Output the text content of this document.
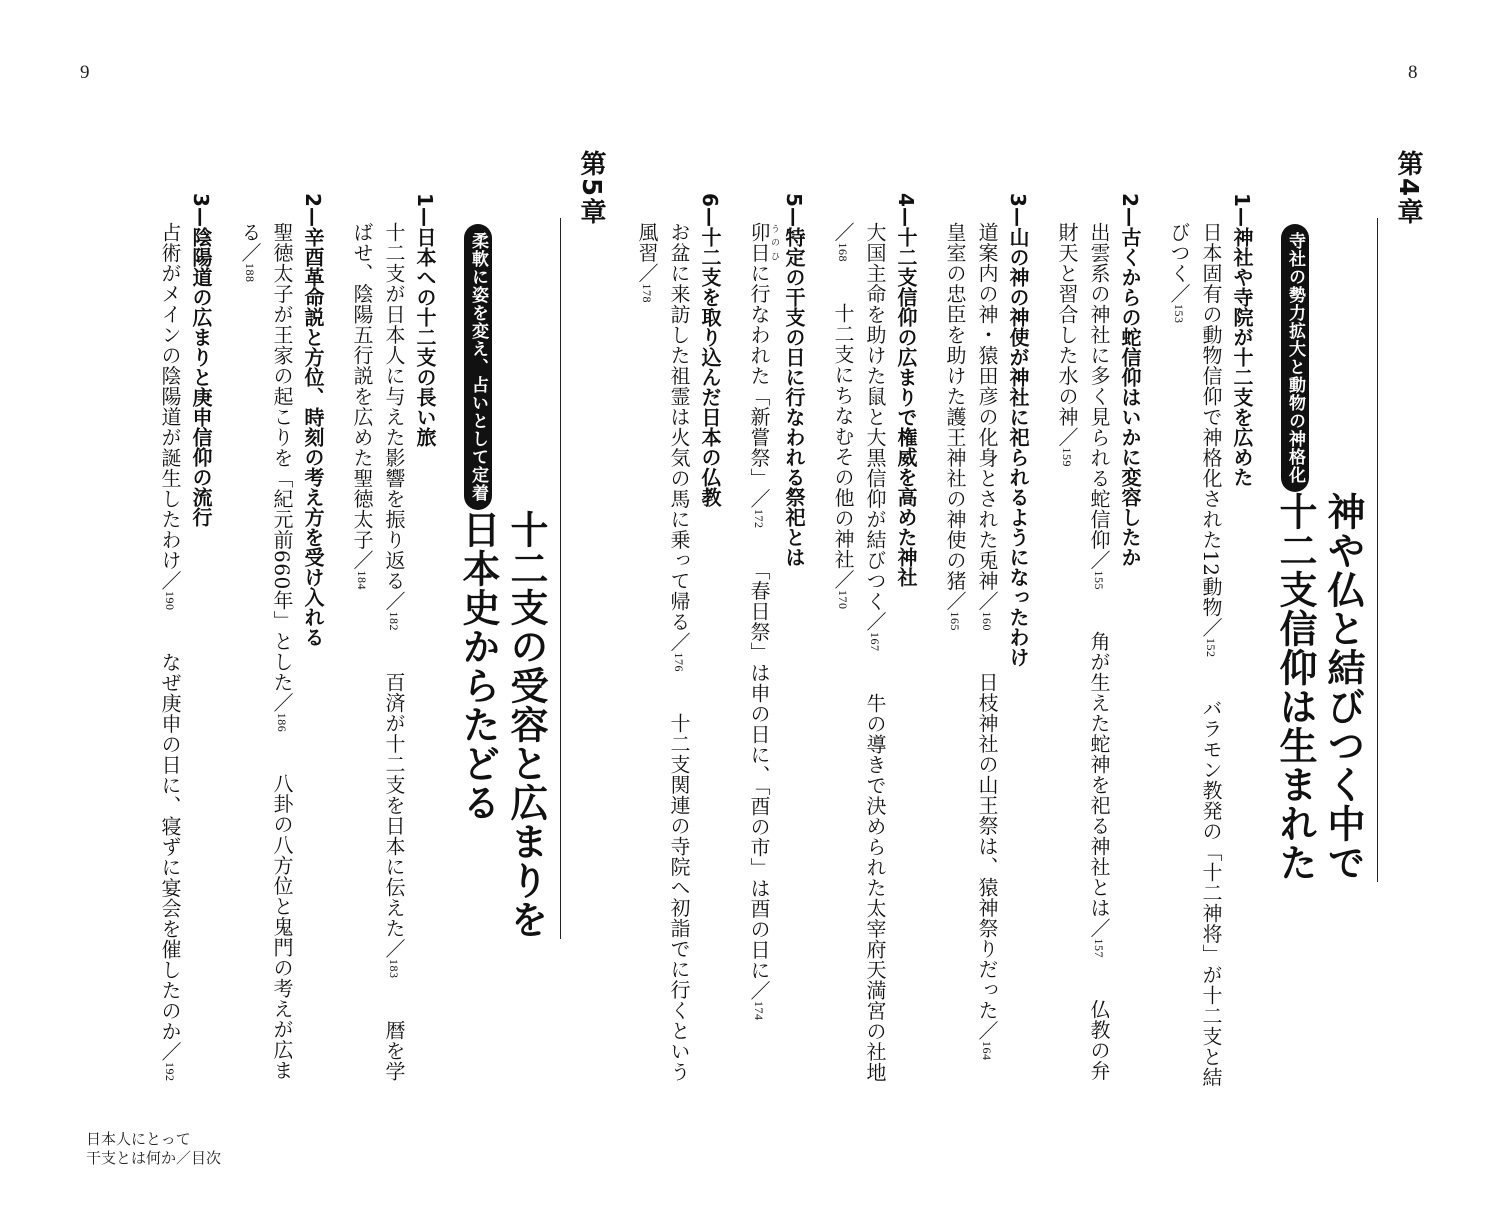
9	8
第4章
寺社の勢力拡大と動物の神格化
神や仏と結びつく中で
十二支信仰は生まれた
1—神社や寺院が十二支を広めた
日本固有の動物信仰で神格化された12動物／152バラモン教発の「十二神将」が十二支と結びつく／153
2—古くからの蛇信仰はいかに変容したか
出雲系の神社に多く見られる蛇信仰／155角が生えた蛇神を祀る神社とは／157仏教の弁財天と習合した水の神／159
3—山の神の神使が神社に祀られるようになったわけ
道案内の神・猿田彦の化身とされた兎神／160日枝神社の山王祭は、猿神祭りだった／164皇室の忠臣を助けた護王神社の神使の猪／165
4—十二支信仰の広まりで権威を高めた神社
大国主命を助けた鼠と大黒信仰が結びつく／167牛の導きで決められた太宰府天満宮の社地／168十二支にちなむその他の神社／170
5—特定の干支の日に行なわれる祭祀とは
卯日うのひに行なわれた「新嘗祭」／172「春日祭」は申の日に、「酉の市」は酉の日に／174
6—十二支を取り込んだ日本の仏教
お盆に来訪した祖霊は火気の馬に乗って帰る／176十二支関連の寺院へ初詣でに行くという風習／178
第5章
柔軟に姿を変え、占いとして定着
十二支の受容と広まりを
日本史からたどる
1—日本への十二支の長い旅
十二支が日本人に与えた影響を振り返る／182百済が十二支を日本に伝えた／183暦を学ばせ、陰陽五行説を広めた聖徳太子／184
2—辛酉革命説と方位、時刻の考え方を受け入れる
聖徳太子が王家の起こりを「紀元前660年」とした／186八卦の八方位と鬼門の考えが広まる／188
3—陰陽道の広まりと庚申信仰の流行
占術がメインの陰陽道が誕生したわけ／190なぜ庚申の日に、寝ずに宴会を催したのか／192
日本人にとって
干支とは何か／目次
